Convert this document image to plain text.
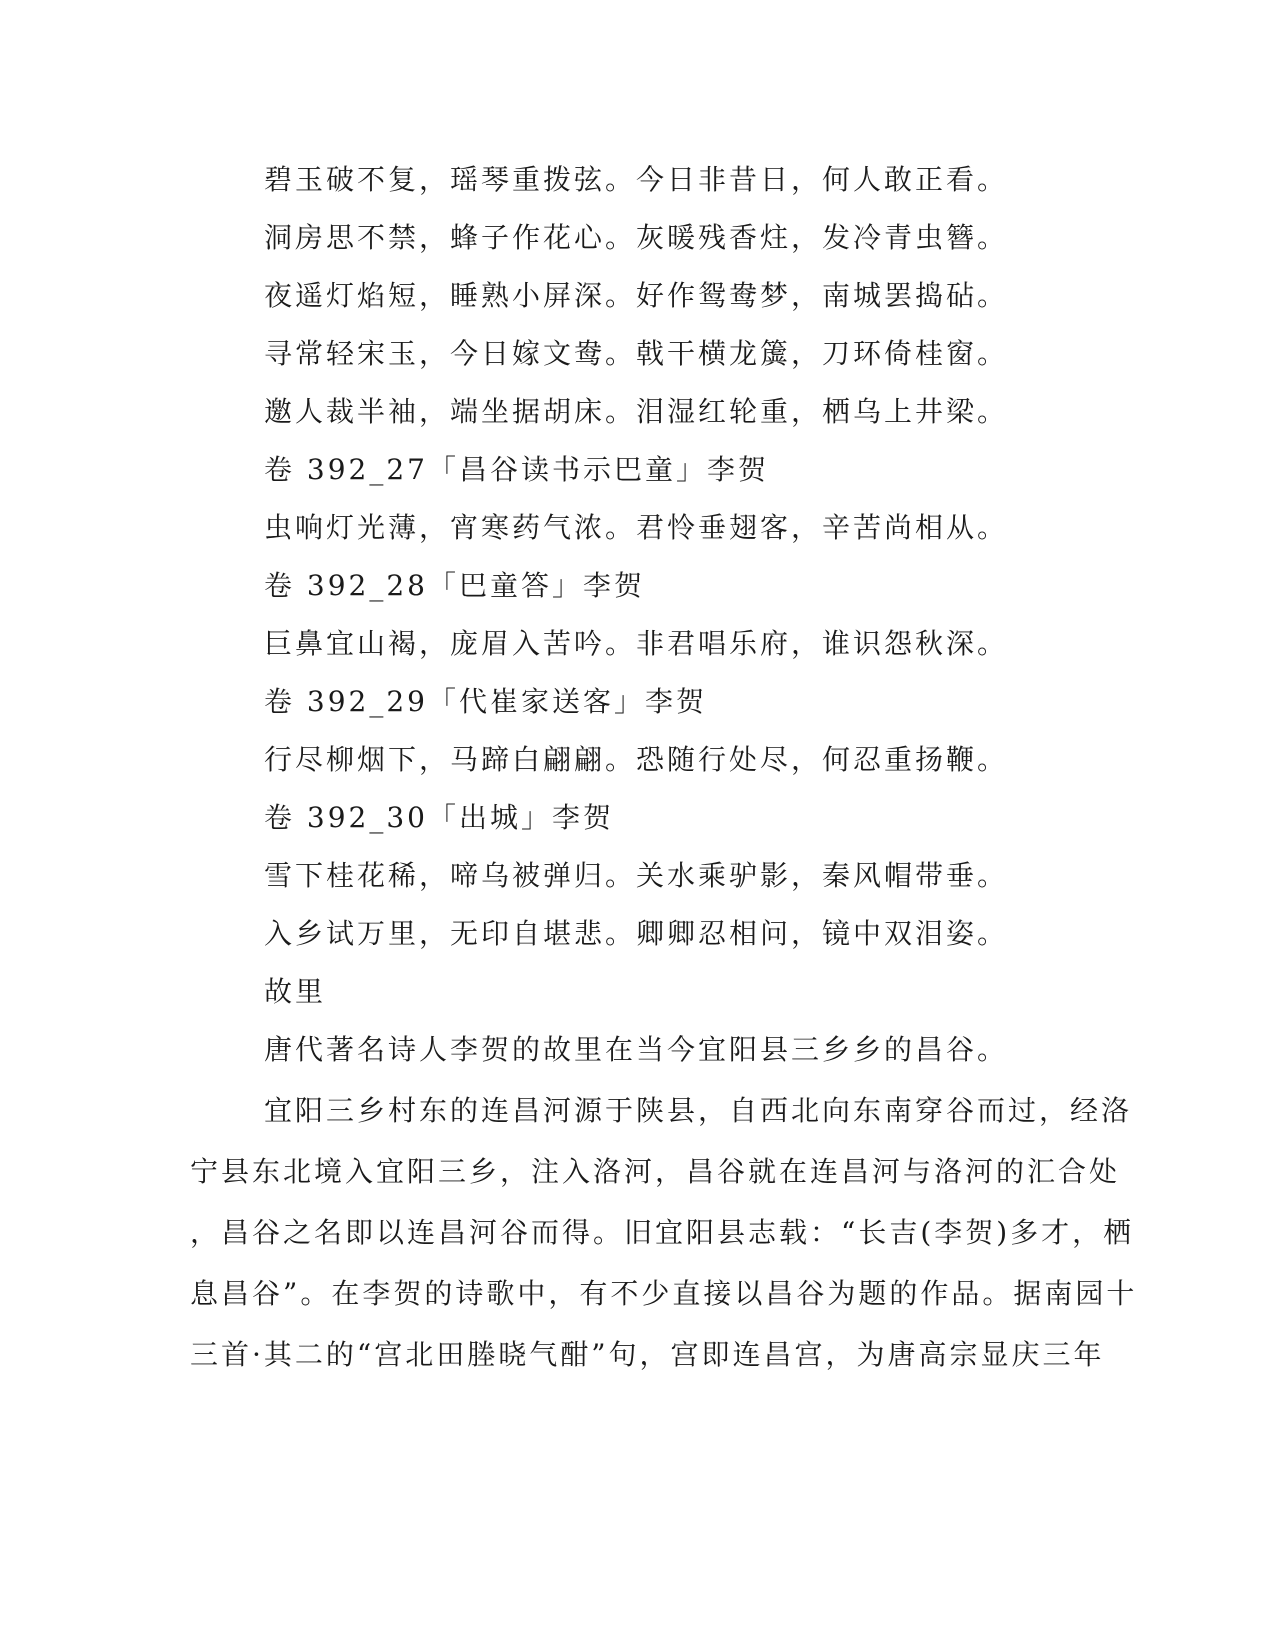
碧玉破不复，瑶琴重拨弦。今日非昔日，何人敢正看。
洞房思不禁，蜂子作花心。灰暖残香炷，发冷青虫簪。
夜遥灯焰短，睡熟小屏深。好作鸳鸯梦，南城罢捣砧。
寻常轻宋玉，今日嫁文鸯。戟干横龙簴，刀环倚桂窗。
邀人裁半袖，端坐据胡床。泪湿红轮重，栖乌上井梁。
卷 392_27「昌谷读书示巴童」李贺
虫响灯光薄，宵寒药气浓。君怜垂翅客，辛苦尚相从。
卷 392_28「巴童答」李贺
巨鼻宜山褐，庞眉入苦吟。非君唱乐府，谁识怨秋深。
卷 392_29「代崔家送客」李贺
行尽柳烟下，马蹄白翩翩。恐随行处尽，何忍重扬鞭。
卷 392_30「出城」李贺
雪下桂花稀，啼乌被弹归。关水乘驴影，秦风帽带垂。
入乡试万里，无印自堪悲。卿卿忍相问，镜中双泪姿。
故里
唐代著名诗人李贺的故里在当今宜阳县三乡乡的昌谷。
宜阳三乡村东的连昌河源于陕县，自西北向东南穿谷而过，经洛
宁县东北境入宜阳三乡，注入洛河，昌谷就在连昌河与洛河的汇合处
，昌谷之名即以连昌河谷而得。旧宜阳县志载：“长吉(李贺)多才，栖
息昌谷”。在李贺的诗歌中，有不少直接以昌谷为题的作品。据南园十
三首·其二的“宫北田塍晓气酣”句，宫即连昌宫，为唐高宗显庆三年
